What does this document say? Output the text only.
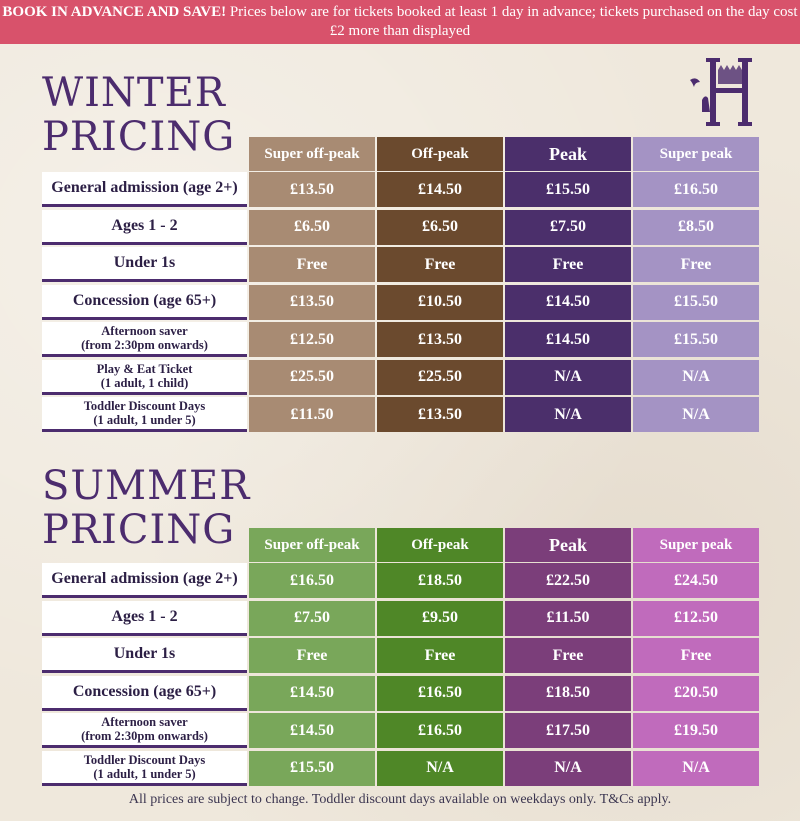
BOOK IN ADVANCE AND SAVE! Prices below are for tickets booked at least 1 day in advance; tickets purchased on the day cost £2 more than displayed
WINTER
PRICING	Super off-peak	Off-peak	Peak	Super peak
General admission (age 2+)	£13.50	£14.50	£15.50	£16.50
Ages 1 - 2	£6.50	£6.50	£7.50	£8.50
Under 1s	Free	Free	Free	Free
Concession (age 65+)	£13.50	£10.50	£14.50	£15.50
Afternoon saver
(from 2:30pm onwards)	£12.50	£13.50	£14.50	£15.50
Play & Eat Ticket
(1 adult, 1 child)	£25.50	£25.50	N/A	N/A
Toddler Discount Days
(1 adult, 1 under 5)	£11.50	£13.50	N/A	N/A
SUMMER
PRICING	Super off-peak	Off-peak	Peak	Super peak
General admission (age 2+)	£16.50	£18.50	£22.50	£24.50
Ages 1 - 2	£7.50	£9.50	£11.50	£12.50
Under 1s	Free	Free	Free	Free
Concession (age 65+)	£14.50	£16.50	£18.50	£20.50
Afternoon saver
(from 2:30pm onwards)	£14.50	£16.50	£17.50	£19.50
Toddler Discount Days
(1 adult, 1 under 5)	£15.50	N/A	N/A	N/A
All prices are subject to change. Toddler discount days available on weekdays only. T&Cs apply.
